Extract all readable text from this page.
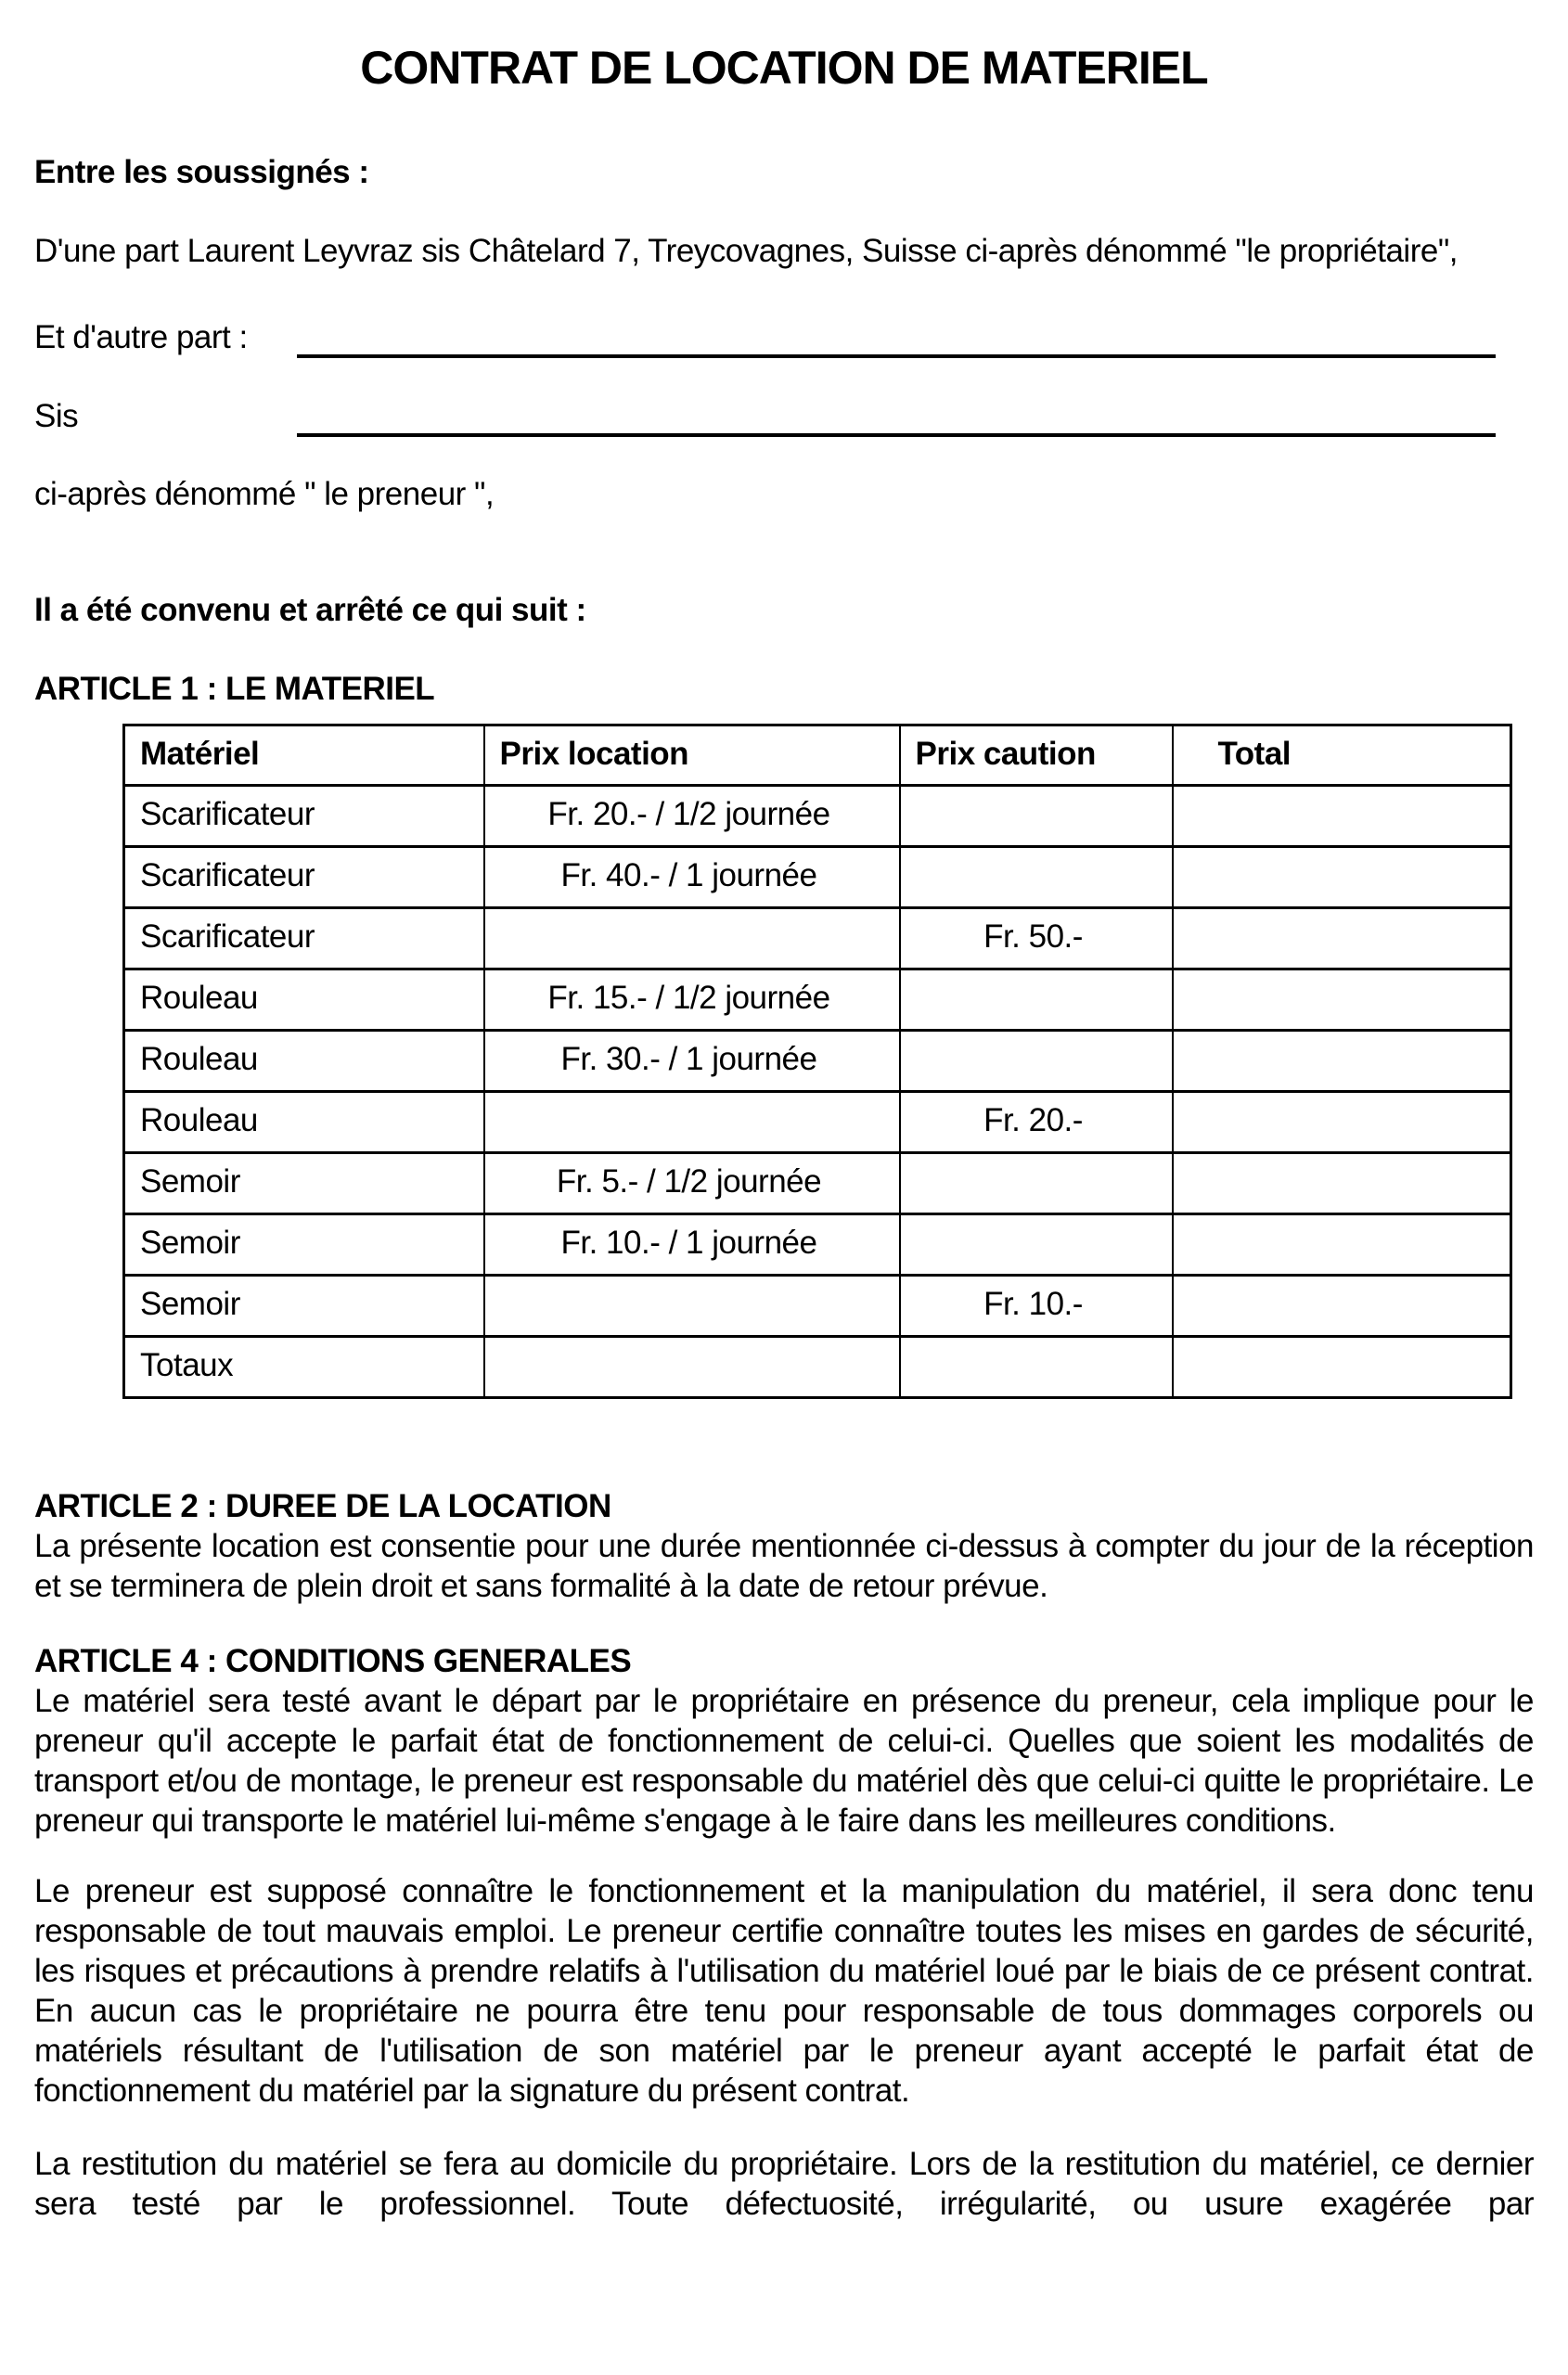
CONTRAT DE LOCATION DE MATERIEL
Entre les soussignés :
D'une part Laurent Leyvraz sis Châtelard 7, Treycovagnes, Suisse ci-après dénommé "le propriétaire",
Et d'autre part :
Sis
ci-après dénommé " le preneur ",
Il a été convenu et arrêté ce qui suit :
ARTICLE 1 : LE MATERIEL
Matériel	Prix location	Prix caution	Total
Scarificateur	Fr. 20.- / 1/2 journée		
Scarificateur	Fr. 40.- / 1 journée		
Scarificateur		Fr. 50.-	
Rouleau	Fr. 15.- / 1/2 journée		
Rouleau	Fr. 30.- / 1 journée		
Rouleau		Fr. 20.-	
Semoir	Fr. 5.- / 1/2 journée		
Semoir	Fr. 10.- / 1 journée		
Semoir		Fr. 10.-	
Totaux			
ARTICLE 2 : DUREE DE LA LOCATION

La présente location est consentie pour une durée mentionnée ci-dessus à compter du jour de la réception et se terminera de plein droit et sans formalité à la date de retour prévue.

ARTICLE 4 : CONDITIONS GENERALES

Le matériel sera testé avant le départ par le propriétaire en présence du preneur, cela implique pour le preneur qu'il accepte le parfait état de fonctionnement de celui-ci. Quelles que soient les modalités de transport et/ou de montage, le preneur est responsable du matériel dès que celui-ci quitte le propriétaire. Le preneur qui transporte le matériel lui-même s'engage à le faire dans les meilleures conditions.

Le preneur est supposé connaître le fonctionnement et la manipulation du matériel, il sera donc tenu responsable de tout mauvais emploi. Le preneur certifie connaître toutes les mises en gardes de sécurité, les risques et précautions à prendre relatifs à l'utilisation du matériel loué par le biais de ce présent contrat. En aucun cas le propriétaire ne pourra être tenu pour responsable de tous dommages corporels ou matériels résultant de l'utilisation de son matériel par le preneur ayant accepté le parfait état de fonctionnement du matériel par la signature du présent contrat.
La restitution du matériel se fera au domicile du propriétaire. Lors de la restitution du matériel, ce dernier sera testé par le professionnel. Toute défectuosité, irrégularité, ou usure exagérée par
